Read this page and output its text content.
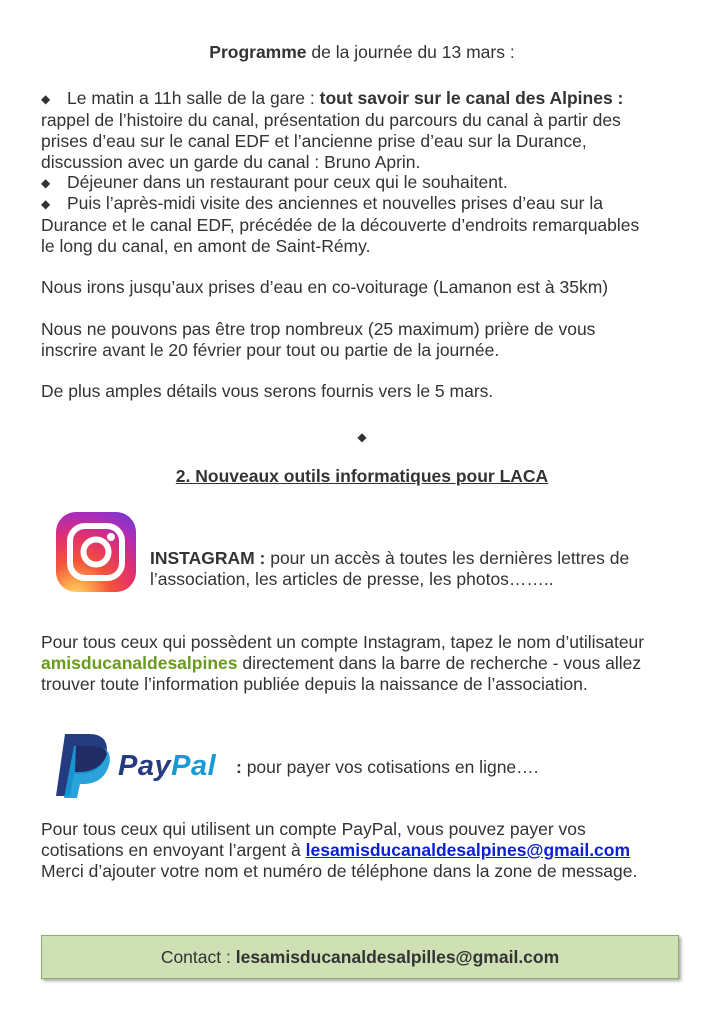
Programme de la journée du 13 mars :
◆ Le matin a 11h salle de la gare : tout savoir sur le canal des Alpines :
rappel de l’histoire du canal, présentation du parcours du canal à partir des
prises d’eau sur le canal EDF et l’ancienne prise d’eau sur la Durance,
discussion avec un garde du canal : Bruno Aprin.
◆ Déjeuner dans un restaurant pour ceux qui le souhaitent.
◆ Puis l’après-midi visite des anciennes et nouvelles prises d’eau sur la
Durance et le canal EDF, précédée de la découverte d’endroits remarquables
le long du canal, en amont de Saint-Rémy.
Nous irons jusqu’aux prises d’eau en co-voiturage (Lamanon est à 35km)
Nous ne pouvons pas être trop nombreux (25 maximum) prière de vous
inscrire avant le 20 février pour tout ou partie de la journée.
De plus amples détails vous serons fournis vers le 5 mars.
◆
2. Nouveaux outils informatiques pour LACA
INSTAGRAM : pour un accès à toutes les dernières lettres de
l’association, les articles de presse, les photos……..
Pour tous ceux qui possèdent un compte Instagram, tapez le nom d’utilisateur
amisducanaldesalpines directement dans la barre de recherche - vous allez
trouver toute l’information publiée depuis la naissance de l’association.
PayPal : pour payer vos cotisations en ligne….
Pour tous ceux qui utilisent un compte PayPal, vous pouvez payer vos
cotisations en envoyant l’argent à lesamisducanaldesalpines@gmail.com
Merci d’ajouter votre nom et numéro de téléphone dans la zone de message.
Contact : lesamisducanaldesalpilles@gmail.com
